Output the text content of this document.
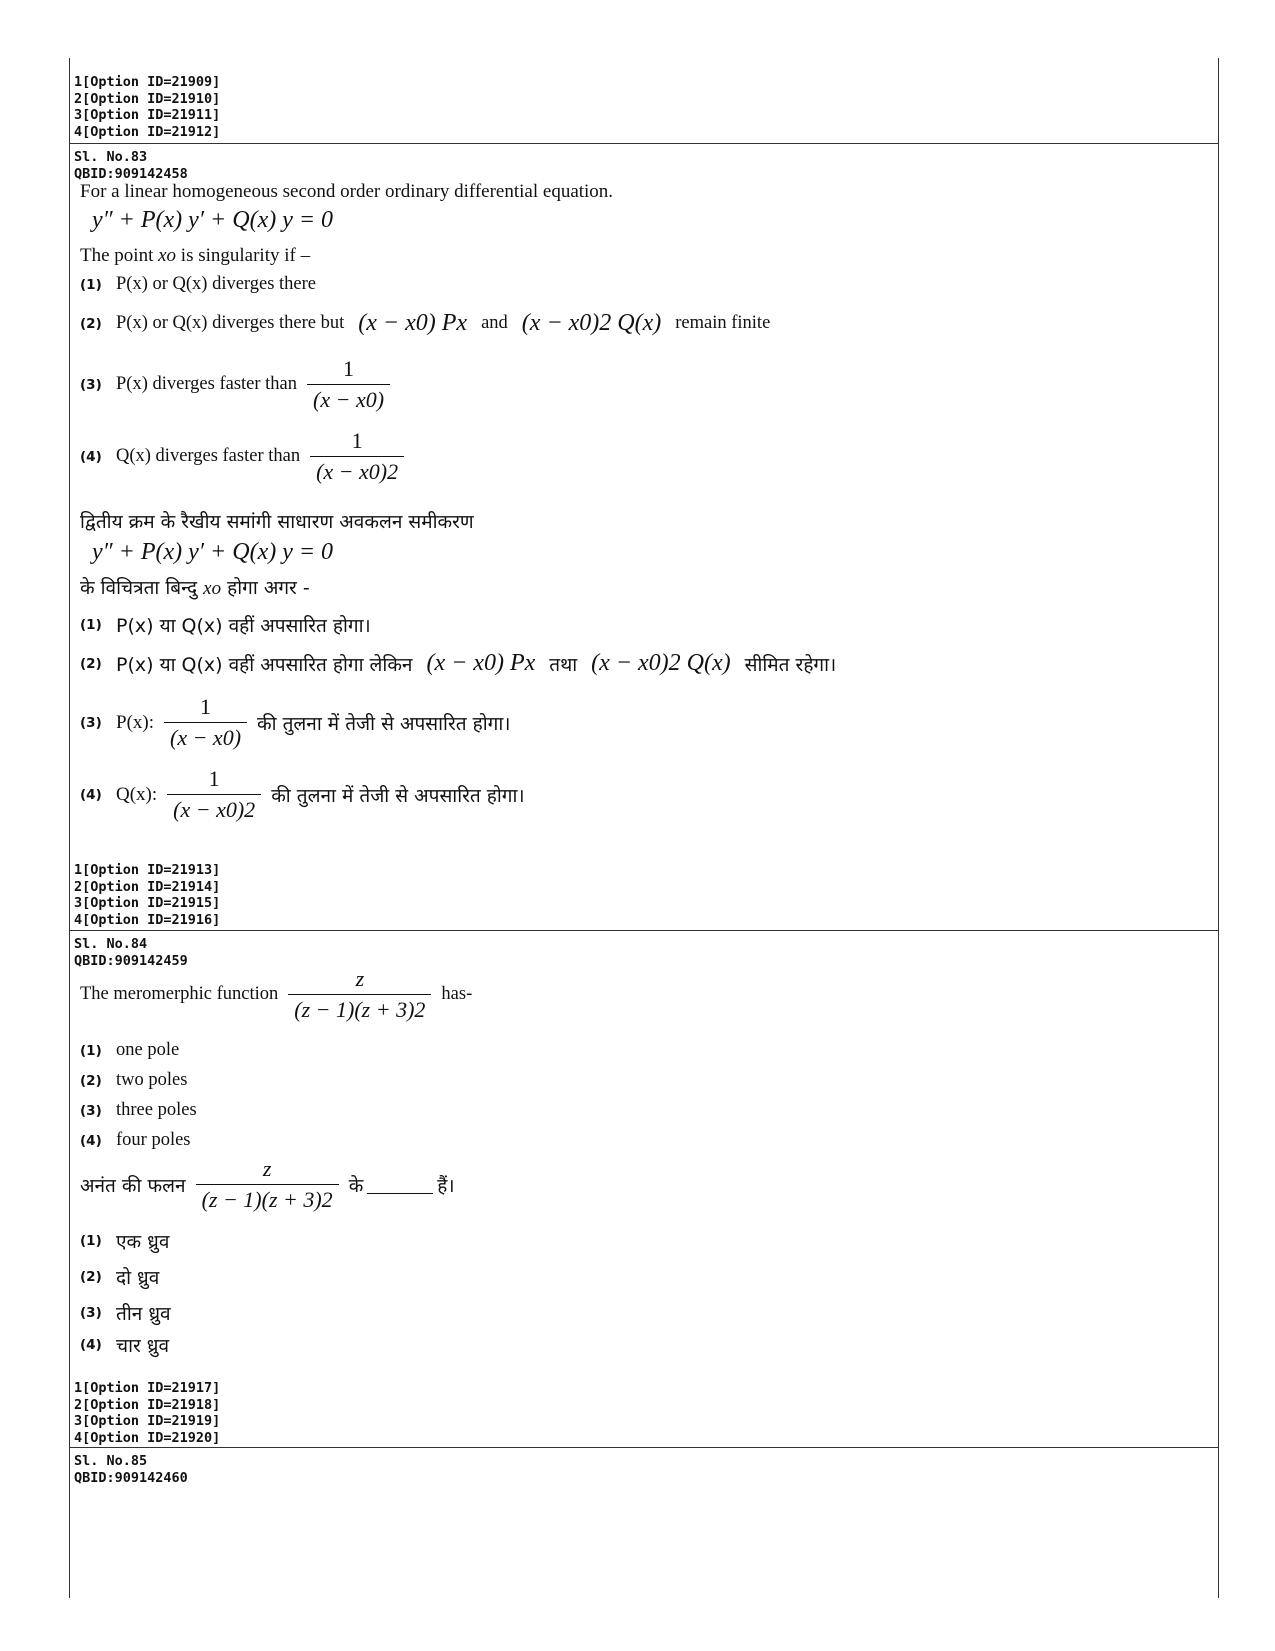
1[Option ID=21909]
2[Option ID=21910]
3[Option ID=21911]
4[Option ID=21912]
Sl. No.83
QBID:909142458
For a linear homogeneous second order ordinary differential equation.
y″ + P(x) y′ + Q(x) y = 0
The point xo is singularity if –
(1) P(x) or Q(x) diverges there
(2) P(x) or Q(x) diverges there but (x − x0) Px and (x − x0)2 Q(x) remain finite
(3) P(x) diverges faster than $\frac{1}{(x - x0)}$
(4) Q(x) diverges faster than $\frac{1}{(x - x0)2}$
द्वितीय क्रम के रैखीय समांगी साधारण अवकलन समीकरण
y″ + P(x) y′ + Q(x) y = 0
के विचित्रता बिन्दु xo होगा अगर -
(1) P(x) या Q(x) वहीं अपसारित होगा।
(2) P(x) या Q(x) वहीं अपसारित होगा लेकिन (x − x0) Px तथा (x − x0)2 Q(x) सीमित रहेगा।
(3) P(x): $\frac{1}{(x - x0)}$ की तुलना में तेजी से अपसारित होगा।
(4) Q(x): $\frac{1}{(x - x0)2}$ की तुलना में तेजी से अपसारित होगा।
1[Option ID=21913]
2[Option ID=21914]
3[Option ID=21915]
4[Option ID=21916]
Sl. No.84
QBID:909142459
The meromerphic function $\frac{z}{(z - 1)(z + 3)2} has-$
(1) one pole
(2) two poles
(3) three poles
(4) four poles
अनंत की फलन $\frac{z}{(z - 1)(z + 3)2}$ के	हैं।
(1) एक ध्रुव
(2) दो ध्रुव
(3) तीन ध्रुव
(4) चार ध्रुव
1[Option ID=21917]
2[Option ID=21918]
3[Option ID=21919]
4[Option ID=21920]
Sl. No.85
QBID:909142460
